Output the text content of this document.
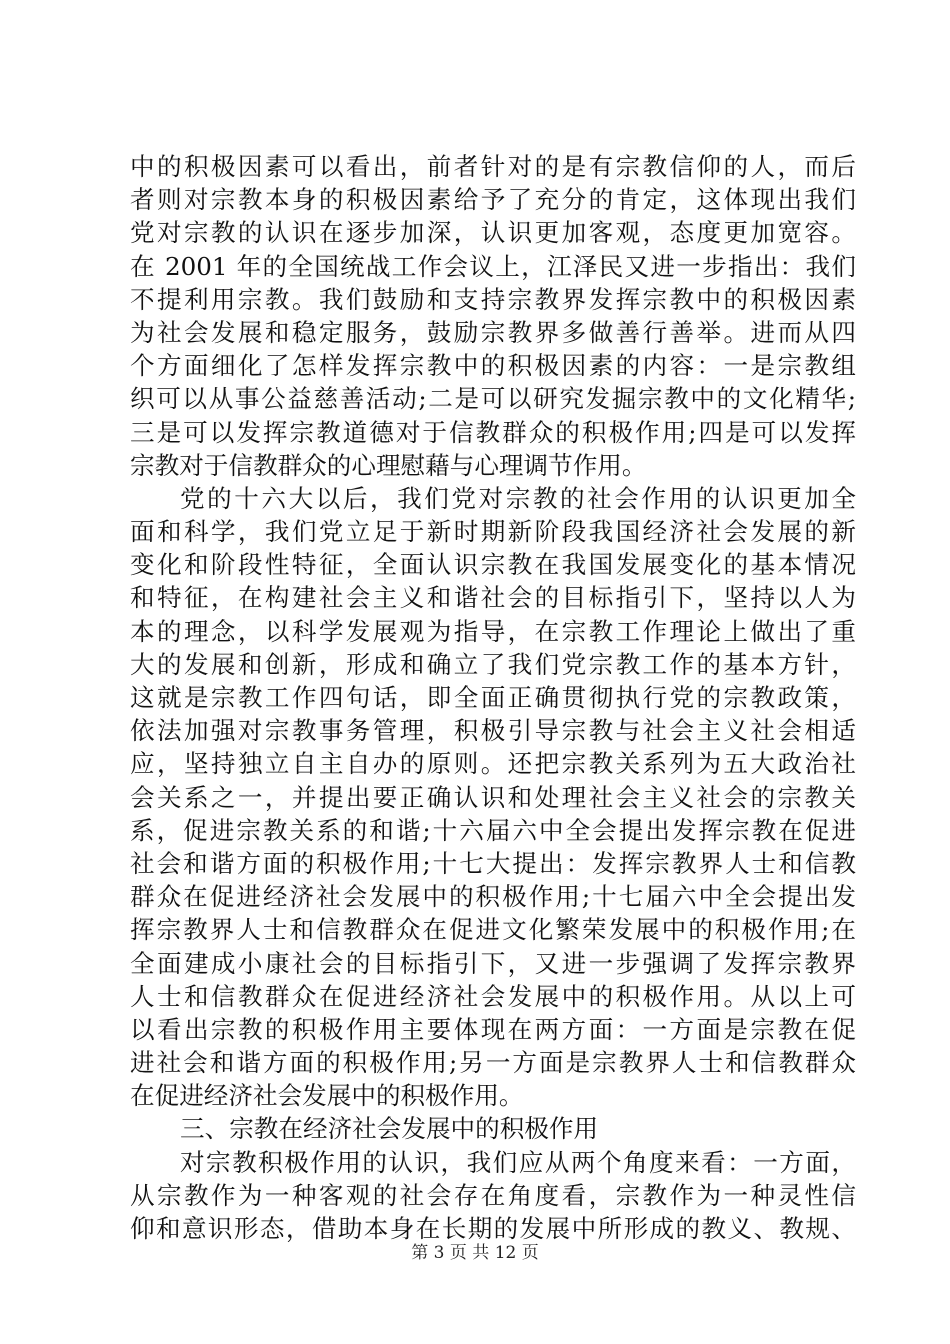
中的积极因素可以看出，前者针对的是有宗教信仰的人，而后
者则对宗教本身的积极因素给予了充分的肯定，这体现出我们
党对宗教的认识在逐步加深，认识更加客观，态度更加宽容。
在 2001 年的全国统战工作会议上，江泽民又进一步指出：我们
不提利用宗教。我们鼓励和支持宗教界发挥宗教中的积极因素
为社会发展和稳定服务，鼓励宗教界多做善行善举。进而从四
个方面细化了怎样发挥宗教中的积极因素的内容：一是宗教组
织可以从事公益慈善活动;二是可以研究发掘宗教中的文化精华;
三是可以发挥宗教道德对于信教群众的积极作用;四是可以发挥
宗教对于信教群众的心理慰藉与心理调节作用。
党的十六大以后，我们党对宗教的社会作用的认识更加全
面和科学，我们党立足于新时期新阶段我国经济社会发展的新
变化和阶段性特征，全面认识宗教在我国发展变化的基本情况
和特征，在构建社会主义和谐社会的目标指引下，坚持以人为
本的理念，以科学发展观为指导，在宗教工作理论上做出了重
大的发展和创新，形成和确立了我们党宗教工作的基本方针，
这就是宗教工作四句话，即全面正确贯彻执行党的宗教政策，
依法加强对宗教事务管理，积极引导宗教与社会主义社会相适
应，坚持独立自主自办的原则。还把宗教关系列为五大政治社
会关系之一，并提出要正确认识和处理社会主义社会的宗教关
系，促进宗教关系的和谐;十六届六中全会提出发挥宗教在促进
社会和谐方面的积极作用;十七大提出：发挥宗教界人士和信教
群众在促进经济社会发展中的积极作用;十七届六中全会提出发
挥宗教界人士和信教群众在促进文化繁荣发展中的积极作用;在
全面建成小康社会的目标指引下，又进一步强调了发挥宗教界
人士和信教群众在促进经济社会发展中的积极作用。从以上可
以看出宗教的积极作用主要体现在两方面：一方面是宗教在促
进社会和谐方面的积极作用;另一方面是宗教界人士和信教群众
在促进经济社会发展中的积极作用。
三、宗教在经济社会发展中的积极作用
对宗教积极作用的认识，我们应从两个角度来看：一方面，
从宗教作为一种客观的社会存在角度看，宗教作为一种灵性信
仰和意识形态，借助本身在长期的发展中所形成的教义、教规、
第 3 页 共 12 页
